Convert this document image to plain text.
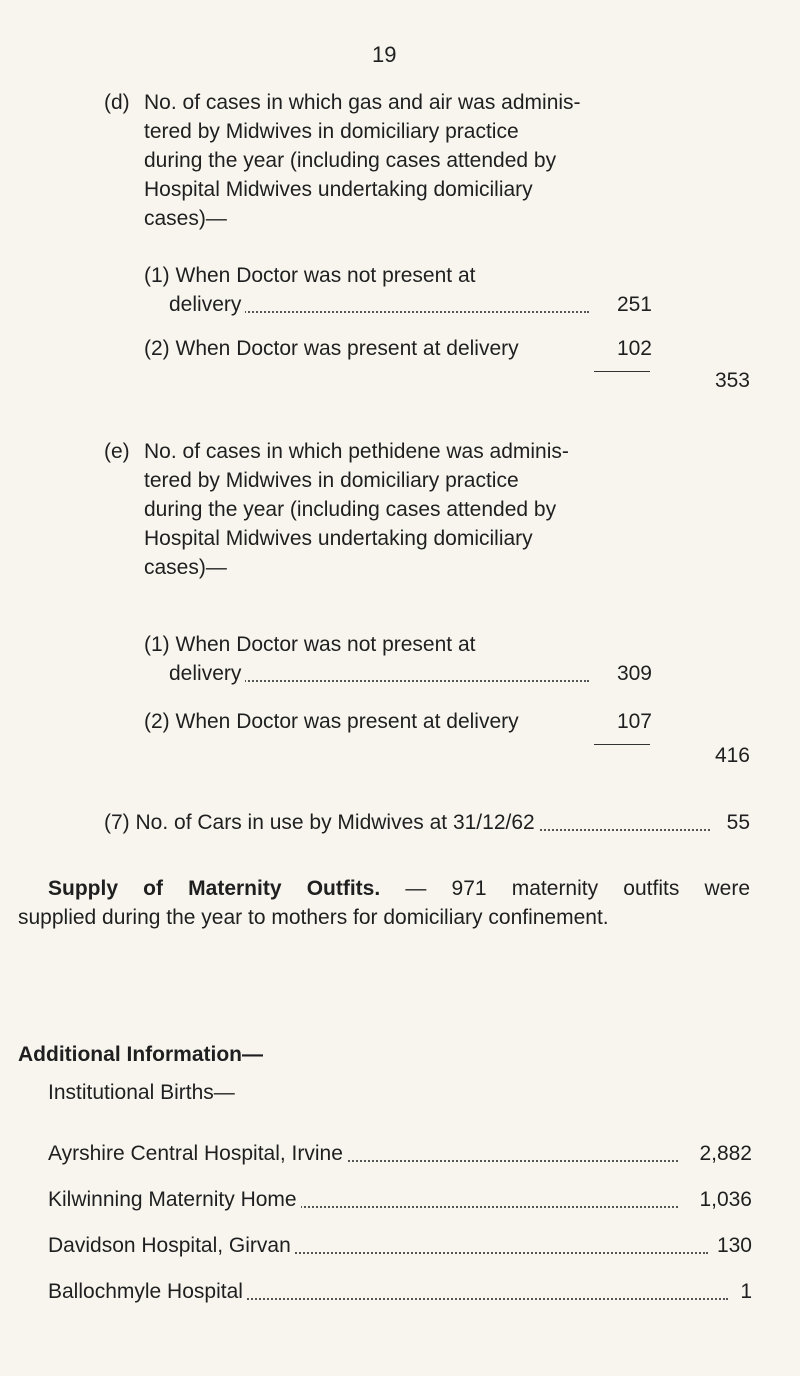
19
(d) No. of cases in which gas and air was adminis-
tered by Midwives in domiciliary practice
during the year (including cases attended by
Hospital Midwives undertaking domiciliary
cases)—
(1) When Doctor was not present at
delivery	251
(2) When Doctor was present at delivery	102
353
(e) No. of cases in which pethidene was adminis-
tered by Midwives in domiciliary practice
during the year (including cases attended by
Hospital Midwives undertaking domiciliary
cases)—
(1) When Doctor was not present at
delivery	309
(2) When Doctor was present at delivery	107
416
(7) No. of Cars in use by Midwives at 31/12/62	55
Supply of Maternity Outfits. — 971 maternity outfits were
supplied during the year to mothers for domiciliary confinement.
Additional Information—
Institutional Births—
Ayrshire Central Hospital, Irvine	2,882
Kilwinning Maternity Home	1,036
Davidson Hospital, Girvan	130
Ballochmyle Hospital	1
